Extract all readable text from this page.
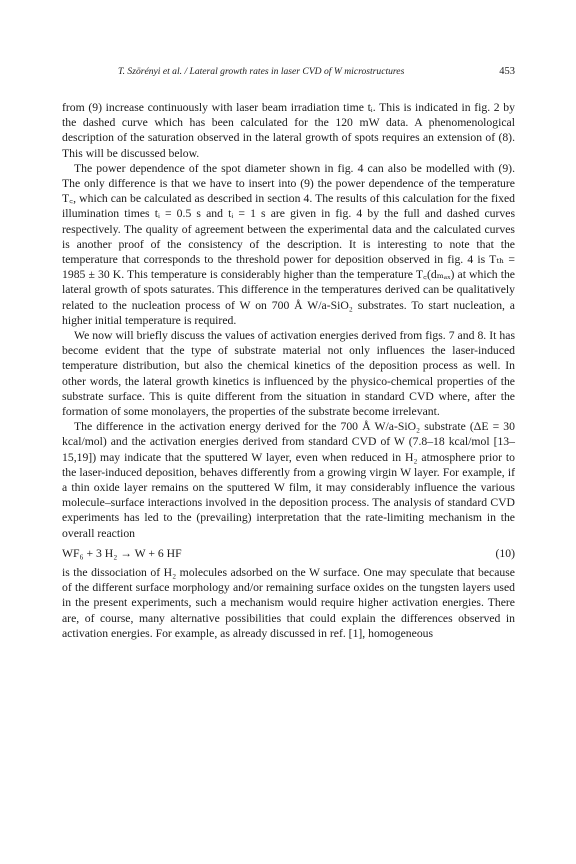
T. Szörényi et al. / Lateral growth rates in laser CVD of W microstructures	453

from (9) increase continuously with laser beam irradiation time tᵢ. This is indicated in fig. 2 by the dashed curve which has been calculated for the 120 mW data. A phenomenological description of the saturation observed in the lateral growth of spots requires an extension of (8). This will be discussed below.

The power dependence of the spot diameter shown in fig. 4 can also be modelled with (9). The only difference is that we have to insert into (9) the power dependence of the temperature T꜀, which can be calculated as described in section 4. The results of this calculation for the fixed illumination times tᵢ = 0.5 s and tᵢ = 1 s are given in fig. 4 by the full and dashed curves respectively. The quality of agreement between the experimental data and the calculated curves is another proof of the consistency of the description. It is interesting to note that the temperature that corresponds to the threshold power for deposition observed in fig. 4 is Tₜₕ = 1985 ± 30 K. This temperature is considerably higher than the temperature T꜀(dₘₐₓ) at which the lateral growth of spots saturates. This difference in the temperatures derived can be qualitatively related to the nucleation process of W on 700 Å W/a-SiO₂ substrates. To start nucleation, a higher initial temperature is required.

We now will briefly discuss the values of activation energies derived from figs. 7 and 8. It has become evident that the type of substrate material not only influences the laser-induced temperature distribution, but also the chemical kinetics of the deposition process as well. In other words, the lateral growth kinetics is influenced by the physico-chemical properties of the substrate surface. This is quite different from the situation in standard CVD where, after the formation of some monolayers, the properties of the substrate become irrelevant.

The difference in the activation energy derived for the 700 Å W/a-SiO₂ substrate (ΔE = 30 kcal/mol) and the activation energies derived from standard CVD of W (7.8–18 kcal/mol [13–15,19]) may indicate that the sputtered W layer, even when reduced in H₂ atmosphere prior to the laser-induced deposition, behaves differently from a growing virgin W layer. For example, if a thin oxide layer remains on the sputtered W film, it may considerably influence the various molecule–surface interactions involved in the deposition process. The analysis of standard CVD experiments has led to the (prevailing) interpretation that the rate-limiting mechanism in the overall reaction

WF₆ + 3 H₂ → W + 6 HF	(10)

is the dissociation of H₂ molecules adsorbed on the W surface. One may speculate that because of the different surface morphology and/or remaining surface oxides on the tungsten layers used in the present experiments, such a mechanism would require higher activation energies. There are, of course, many alternative possibilities that could explain the differences observed in activation energies. For example, as already discussed in ref. [1], homogeneous
